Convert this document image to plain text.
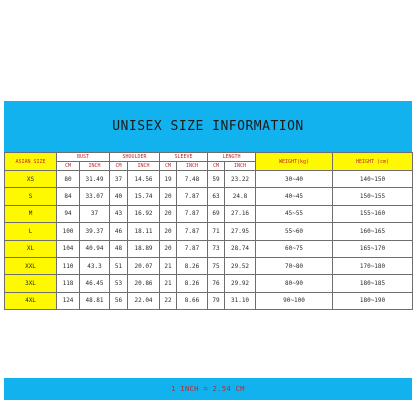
UNISEX SIZE INFORMATION
ASIAN SIZE	BUST		SHOULDER		SLEEVE		LENGTH		WEIGHT(kg)	HEIGHT (cm)
	CM	INCH	CM	INCH	CM	INCH	CM	INCH		
XS	80	31.49	37	14.56	19	7.48	59	23.22	30~40	140~150
S	84	33.07	40	15.74	20	7.87	63	24.8	40~45	150~155
M	94	37	43	16.92	20	7.87	69	27.16	45~55	155~160
L	100	39.37	46	18.11	20	7.87	71	27.95	55~60	160~165
XL	104	40.94	48	18.89	20	7.87	73	28.74	60~75	165~170
XXL	110	43.3	51	20.07	21	8.26	75	29.52	70~80	170~180
3XL	118	46.45	53	20.86	21	8.26	76	29.92	80~90	180~185
4XL	124	48.81	56	22.04	22	8.66	79	31.10	90~100	180~190
1 INCH = 2.54 CM
